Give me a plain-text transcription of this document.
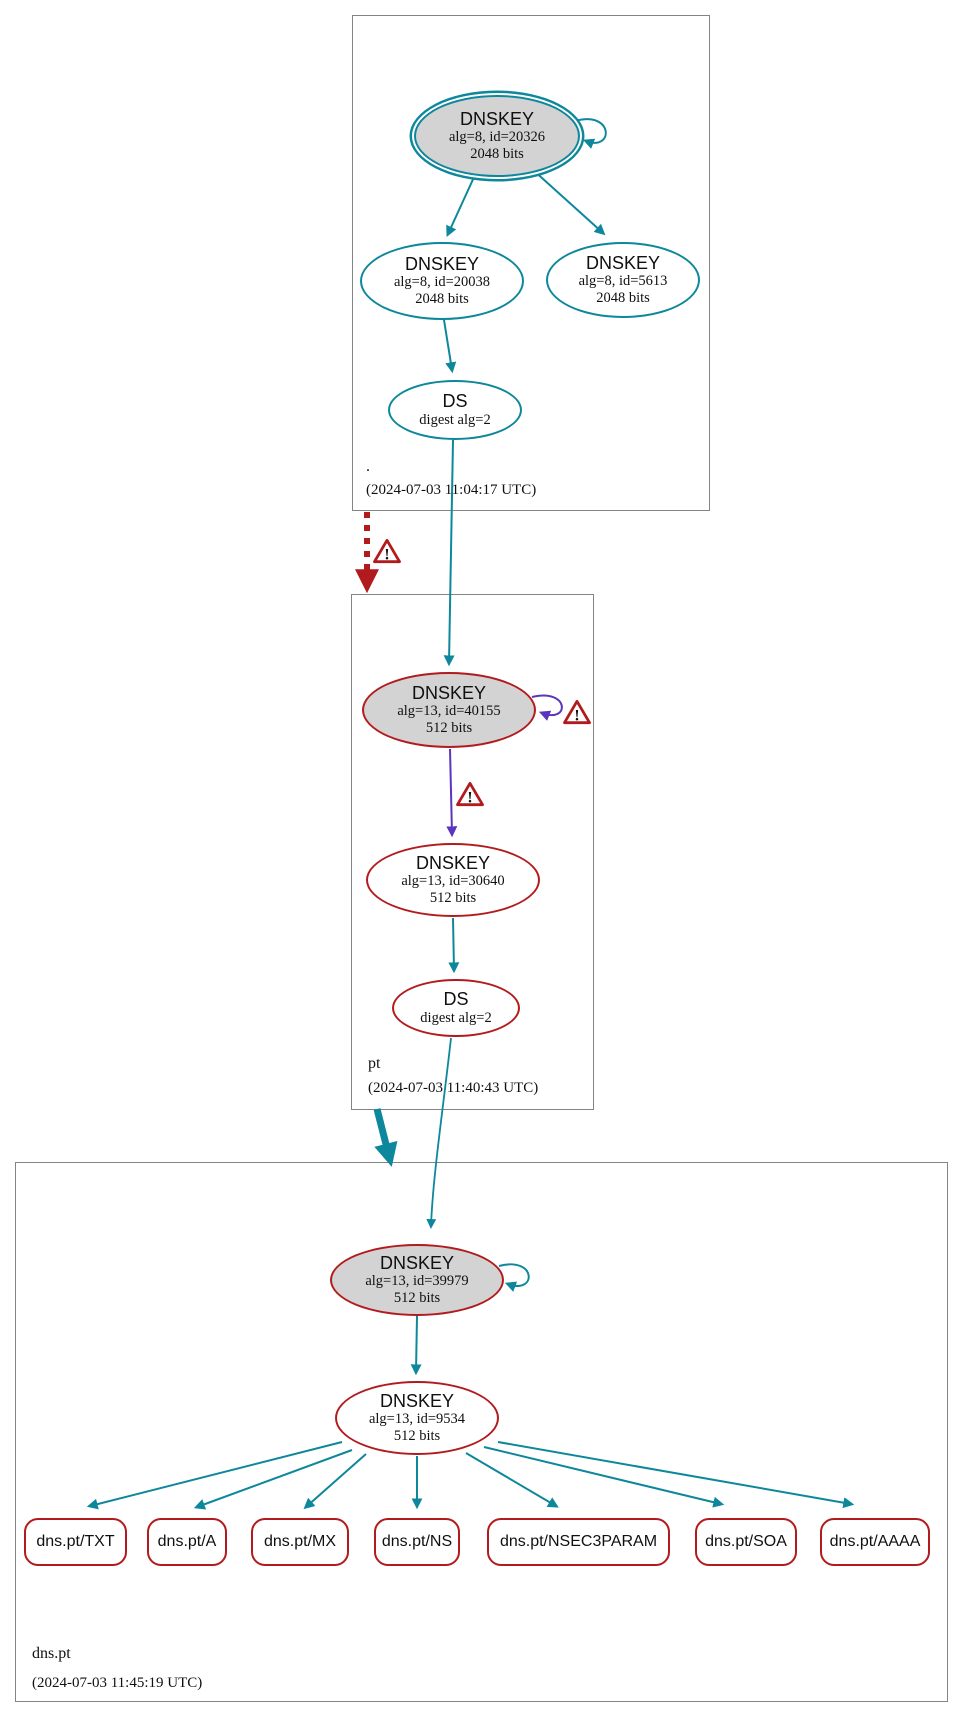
DNSKEY
alg=8, id=20326
2048 bits
DNSKEY
alg=8, id=20038
2048 bits
DNSKEY
alg=8, id=5613
2048 bits
DS
digest alg=2
.
(2024-07-03 11:04:17 UTC)
DNSKEY
alg=13, id=40155
512 bits
DNSKEY
alg=13, id=30640
512 bits
DS
digest alg=2
pt
(2024-07-03 11:40:43 UTC)
DNSKEY
alg=13, id=39979
512 bits
DNSKEY
alg=13, id=9534
512 bits
dns.pt/TXT	dns.pt/A	dns.pt/MX	dns.pt/NS	dns.pt/NSEC3PARAM	dns.pt/SOA	dns.pt/AAAA
dns.pt
(2024-07-03 11:45:19 UTC)
!
!
!
